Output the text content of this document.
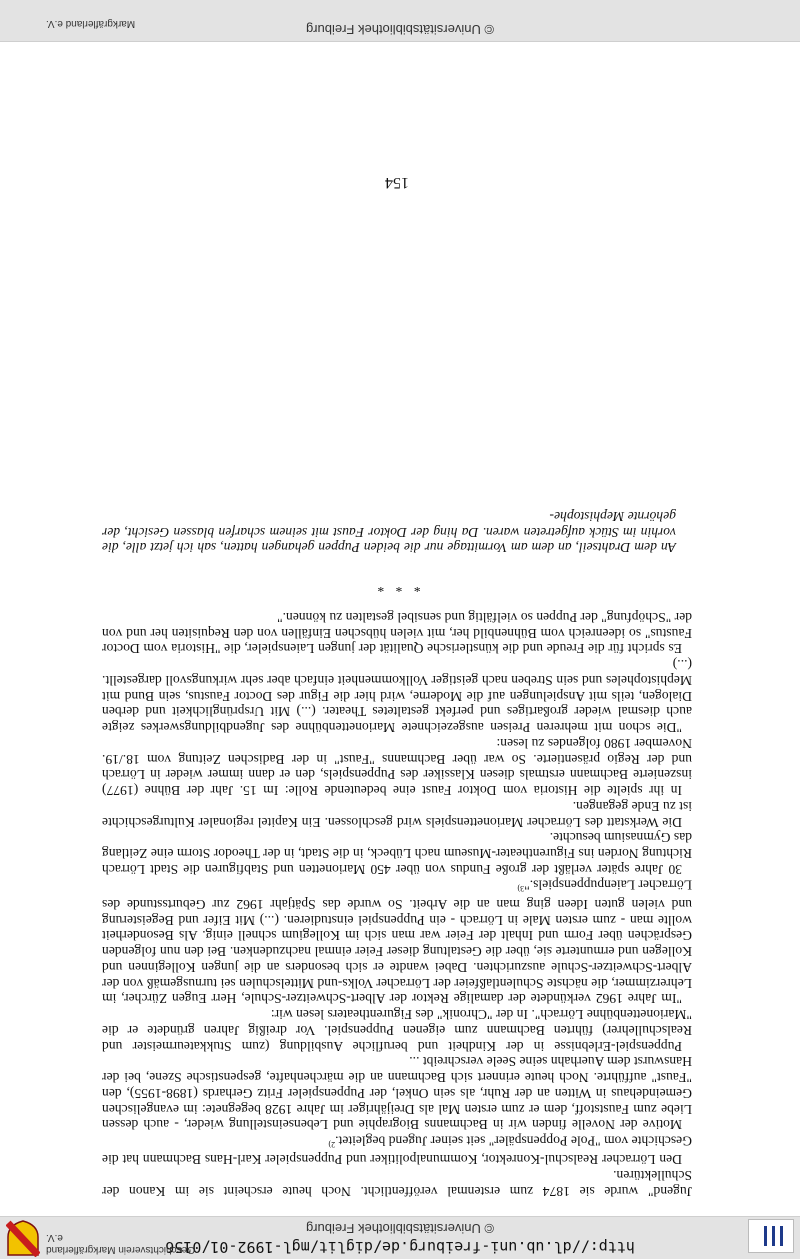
http://dl.ub.uni-freiburg.de/diglit/mgl-1992-01/0156
© Universitätsbibliothek Freiburg
Geschichtsverein Markgräflerland e.V.

Jugend" wurde sie 1874 zum erstenmal veröffentlicht. Noch heute erscheint sie im Kanon der Schullektüren.

Den Lörracher Realschul-Konrektor, Kommunalpolitiker und Puppenspieler Karl-Hans Bachmann hat die Geschichte vom "Pole Poppenspäler" seit seiner Jugend begleitet.$^{2)}$

Motive der Novelle finden wir in Bachmanns Biographie und Lebenseinstellung wieder, - auch dessen Liebe zum Fauststoff, dem er zum ersten Mal als Dreijähriger im Jahre 1928 begegnete: im evangelischen Gemeindehaus in Witten an der Ruhr, als sein Onkel, der Puppenspieler Fritz Gerhards (1898-1955), den "Faust" aufführte. Noch heute erinnert sich Bachmann an die märchenhafte, gespenstische Szene, bei der Hanswurst dem Auerhahn seine Seele verschreibt ...

Puppenspiel-Erlebnisse in der Kindheit und berufliche Ausbildung (zum Stukkateurmeister und Realschullehrer) führten Bachmann zum eigenen Puppenspiel. Vor dreißig Jahren gründete er die "Marionettenbühne Lörrach". In der "Chronik" des Figurentheaters lesen wir:

"Im Jahre 1962 verkündete der damalige Rektor der Albert-Schweitzer-Schule, Herr Eugen Zürcher, im Lehrerzimmer, die nächste Schulentlaßfeier der Lörracher Volks-und Mittelschulen sei turnusgemäß von der Albert-Schweitzer-Schule auszurichten. Dabei wandte er sich besonders an die jungen Kolleginnen und Kollegen und ermunterte sie, über die Gestaltung dieser Feier einmal nachzudenken. Bei den nun folgenden Gesprächen über Form und Inhalt der Feier war man sich im Kollegium schnell einig. Als Besonderheit wollte man - zum ersten Male in Lörrach - ein Puppenspiel einstudieren. (...) Mit Eifer und Begeisterung und vielen guten Ideen ging man an die Arbeit. So wurde das Spätjahr 1962 zur Geburtsstunde des Lörracher Laienpuppenspiels."$^{3)}$

30 Jahre später verläßt der große Fundus von über 450 Marionetten und Stabfiguren die Stadt Lörrach Richtung Norden ins Figurentheater-Museum nach Lübeck, in die Stadt, in der Theodor Storm eine Zeitlang das Gymnasium besuchte.

Die Werkstatt des Lörracher Marionettenspiels wird geschlossen. Ein Kapitel regionaler Kulturgeschichte ist zu Ende gegangen.

In ihr spielte die Historia vom Doktor Faust eine bedeutende Rolle: Im 15. Jahr der Bühne (1977) inszenierte Bachmann erstmals diesen Klassiker des Puppenspiels, den er dann immer wieder in Lörrach und der Regio präsentierte. So war über Bachmanns "Faust" in der Badischen Zeitung vom 18./19. November 1980 folgendes zu lesen:

"Die schon mit mehreren Preisen ausgezeichnete Marionettenbühne des Jugendbildungswerkes zeigte auch diesmal wieder großartiges und perfekt gestaltetes Theater. (...) Mit Ursprünglichkeit und derben Dialogen, teils mit Anspielungen auf die Moderne, wird hier die Figur des Doctor Faustus, sein Bund mit Mephistopheles und sein Streben nach geistiger Vollkommenheit einfach aber sehr wirkungsvoll dargestellt. (...)

Es spricht für die Freude und die künstlerische Qualität der jungen Laienspieler, die "Historia vom Doctor Faustus" so ideenreich vom Bühnenbild her, mit vielen hübschen Einfällen von den Requisiten her und von der "Schöpfung" der Puppen so vielfältig und sensibel gestalten zu können."

* * *

An dem Drahtseil, an dem am Vormittage nur die beiden Puppen gehangen hatten, sah ich jetzt alle, die vorhin im Stück aufgetreten waren. Da hing der Doktor Faust mit seinem scharfen blassen Gesicht, der gehörnte Mephistophe-

154
© Universitätsbibliothek Freiburg
Markgräflerland e.V.
